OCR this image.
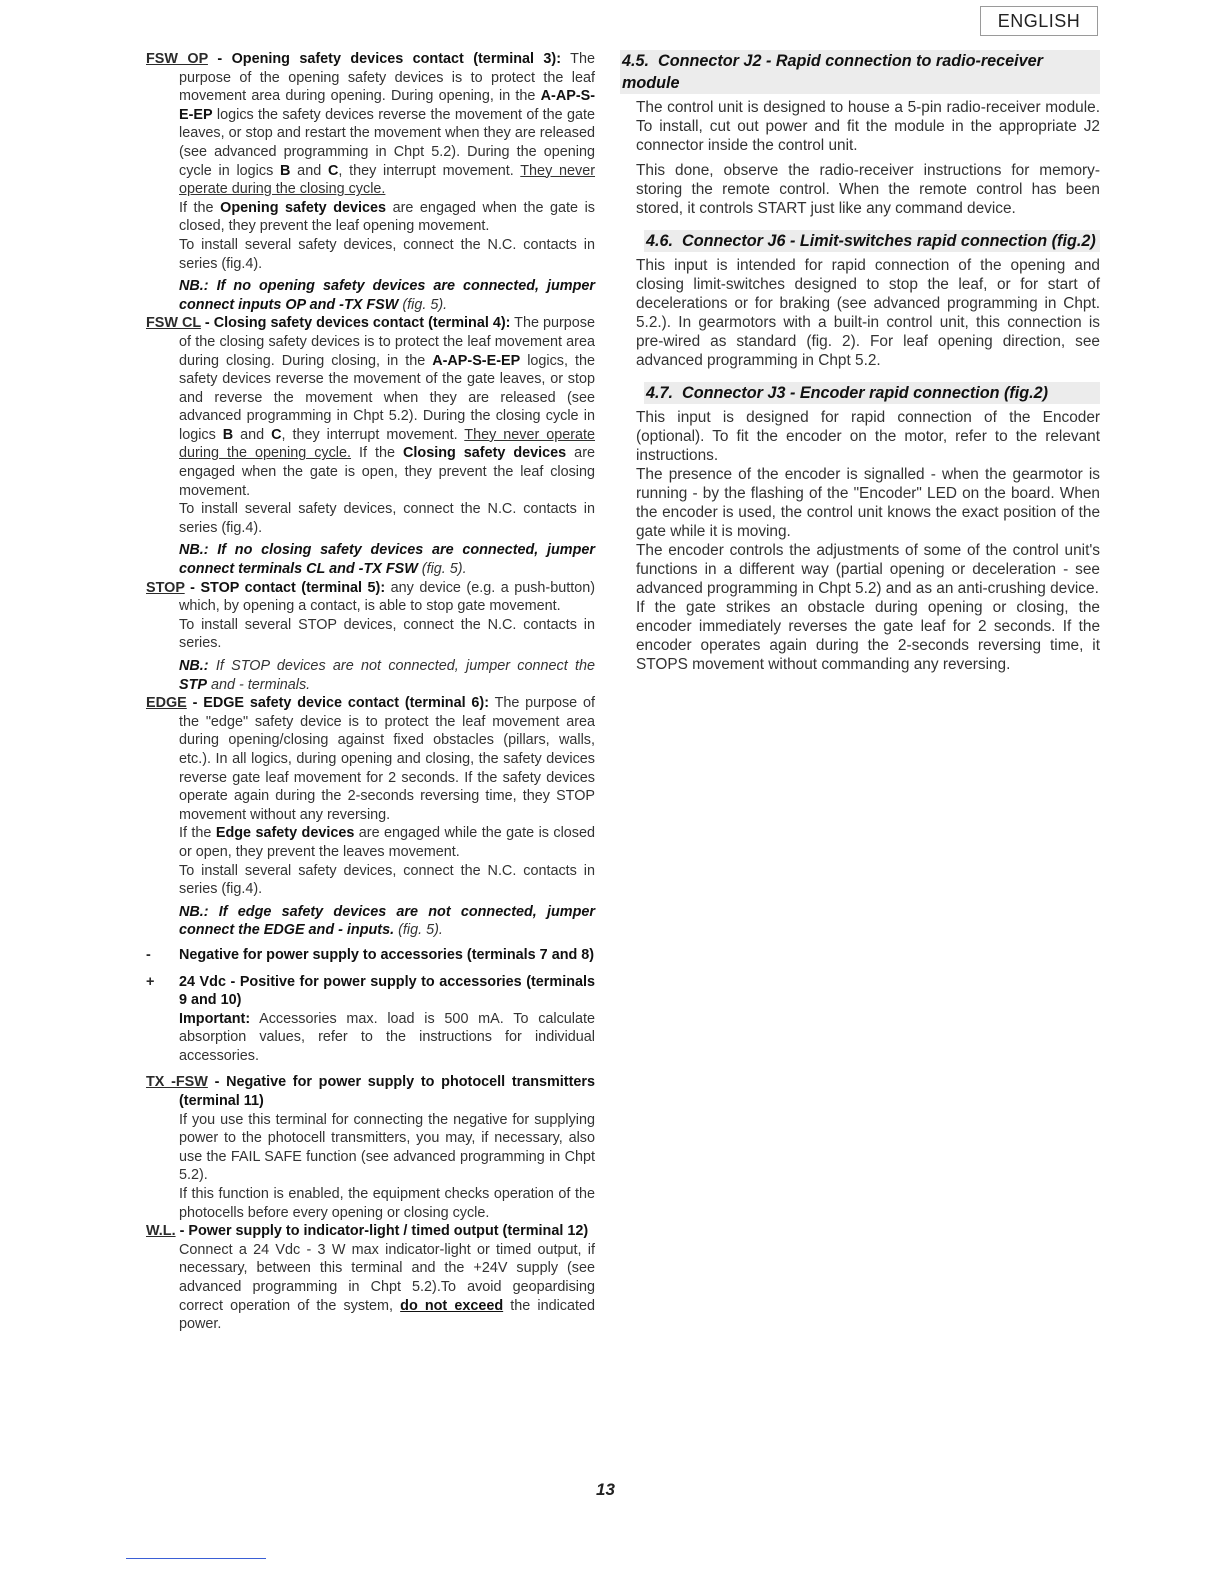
ENGLISH

FSW OP - Opening safety devices contact (terminal 3): The purpose of the opening safety devices is to protect the leaf movement area during opening. During opening, in the A-AP-S-E-EP logics the safety devices reverse the movement of the gate leaves, or stop and restart the movement when they are released (see advanced programming in Chpt 5.2). During the opening cycle in logics B and C, they interrupt movement. They never operate during the closing cycle.

If the Opening safety devices are engaged when the gate is closed, they prevent the leaf opening movement.

To install several safety devices, connect the N.C. contacts in series (fig.4).

NB.: If no opening safety devices are connected, jumper connect inputs OP and -TX FSW (fig. 5).

FSW CL - Closing safety devices contact (terminal 4): The purpose of the closing safety devices is to protect the leaf movement area during closing. During closing, in the A-AP-S-E-EP logics, the safety devices reverse the movement of the gate leaves, or stop and reverse the movement when they are released (see advanced programming in Chpt 5.2). During the closing cycle in logics B and C, they interrupt movement. They never operate during the opening cycle. If the Closing safety devices are engaged when the gate is open, they prevent the leaf closing movement.

To install several safety devices, connect the N.C. contacts in series (fig.4).

NB.: If no closing safety devices are connected, jumper connect terminals CL and -TX FSW (fig. 5).

STOP - STOP contact (terminal 5): any device (e.g. a push-button) which, by opening a contact, is able to stop gate movement.

To install several STOP devices, connect the N.C. contacts in series.

NB.: If STOP devices are not connected, jumper connect the STP and - terminals.

EDGE - EDGE safety device contact (terminal 6): The purpose of the "edge" safety device is to protect the leaf movement area during opening/closing against fixed obstacles (pillars, walls, etc.). In all logics, during opening and closing, the safety devices reverse gate leaf movement for 2 seconds. If the safety devices operate again during the 2-seconds reversing time, they STOP movement without any reversing.

If the Edge safety devices are engaged while the gate is closed or open, they prevent the leaves movement.

To install several safety devices, connect the N.C. contacts in series (fig.4).

NB.: If edge safety devices are not connected, jumper connect the EDGE and - inputs. (fig. 5).

- Negative for power supply to accessories (terminals 7 and 8)

+ 24 Vdc - Positive for power supply to accessories (terminals 9 and 10)

Important: Accessories max. load is 500 mA. To calculate absorption values, refer to the instructions for individual accessories.

TX -FSW - Negative for power supply to photocell transmitters (terminal 11)

If you use this terminal for connecting the negative for supplying power to the photocell transmitters, you may, if necessary, also use the FAIL SAFE function (see advanced programming in Chpt 5.2).

If this function is enabled, the equipment checks operation of the photocells before every opening or closing cycle.

W.L. - Power supply to indicator-light / timed output (terminal 12)

Connect a 24 Vdc - 3 W max indicator-light or timed output, if necessary, between this terminal and the +24V supply (see advanced programming in Chpt 5.2).To avoid geopardising correct operation of the system, do not exceed the indicated power.

4.5. Connector J2 - Rapid connection to radio-receiver module

The control unit is designed to house a 5-pin radio-receiver module. To install, cut out power and fit the module in the appropriate J2 connector inside the control unit.

This done, observe the radio-receiver instructions for memory-storing the remote control. When the remote control has been stored, it controls START just like any command device.

4.6. Connector J6 - Limit-switches rapid connection (fig.2)

This input is intended for rapid connection of the opening and closing limit-switches designed to stop the leaf, or for start of decelerations or for braking (see advanced programming in Chpt. 5.2.). In gearmotors with a built-in control unit, this connection is pre-wired as standard (fig. 2). For leaf opening direction, see advanced programming in Chpt 5.2.

4.7. Connector J3 - Encoder rapid connection (fig.2)

This input is designed for rapid connection of the Encoder (optional). To fit the encoder on the motor, refer to the relevant instructions.

The presence of the encoder is signalled - when the gearmotor is running - by the flashing of the "Encoder" LED on the board. When the encoder is used, the control unit knows the exact position of the gate while it is moving.

The encoder controls the adjustments of some of the control unit's functions in a different way (partial opening or deceleration - see advanced programming in Chpt 5.2) and as an anti-crushing device.

If the gate strikes an obstacle during opening or closing, the encoder immediately reverses the gate leaf for 2 seconds. If the encoder operates again during the 2-seconds reversing time, it STOPS movement without commanding any reversing.

13
